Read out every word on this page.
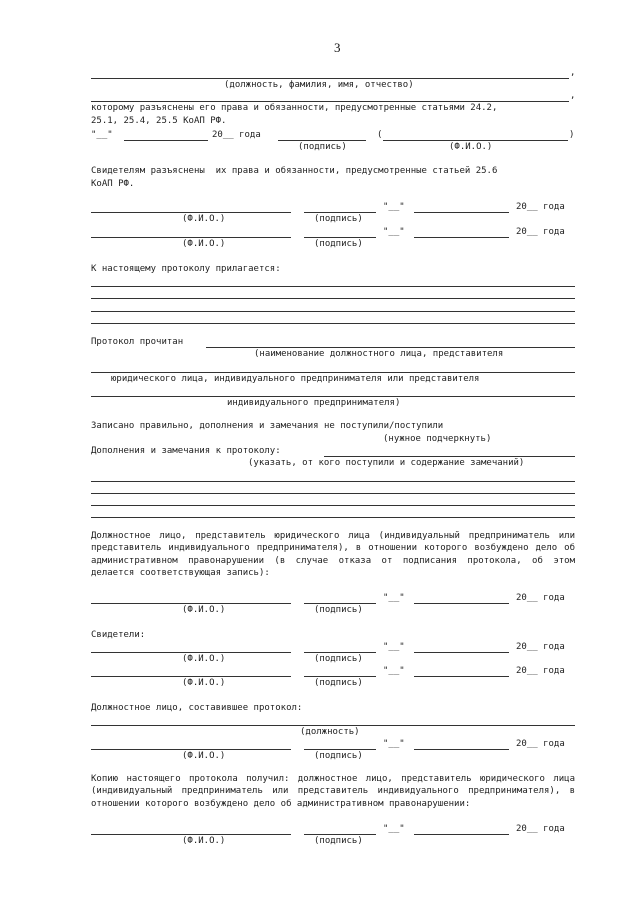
3
,
(должность, фамилия, имя, отчество)
,
которому разъяснены его права и обязанности, предусмотренные статьями 24.2,
25.1, 25.4, 25.5 КоАП РФ.
"__"	20__ года
(подпись)
(	)
(Ф.И.О.)
Свидетелям разъяснены  их права и обязанности, предусмотренные статьей 25.6
КоАП РФ.
(Ф.И.О.)	(подпись)
"__"	20__ года
(Ф.И.О.)	(подпись)
"__"	20__ года
К настоящему протоколу прилагается:
Протокол прочитан
(наименование должностного лица, представителя
юридического лица, индивидуального предпринимателя или представителя
индивидуального предпринимателя)
Записано правильно, дополнения и замечания не поступили/поступили
(нужное подчеркнуть)
Дополнения и замечания к протоколу:
(указать, от кого поступили и содержание замечаний)
Должностное лицо, представитель юридического лица (индивидуальный предприниматель или представитель индивидуального предпринимателя), в отношении которого возбуждено дело об административном правонарушении (в случае отказа от подписания протокола, об этом делается соответствующая запись):
(Ф.И.О.)	(подпись)
"__"	20__ года
Свидетели:
(Ф.И.О.)	(подпись)
"__"	20__ года
(Ф.И.О.)	(подпись)
"__"	20__ года
Должностное лицо, составившее протокол:
(должность)
(Ф.И.О.)	(подпись)
"__"	20__ года
Копию настоящего протокола получил: должностное лицо, представитель юридического лица (индивидуальный предприниматель или представитель индивидуального предпринимателя), в отношении которого возбуждено дело об административном правонарушении:
(Ф.И.О.)	(подпись)
"__"	20__ года
